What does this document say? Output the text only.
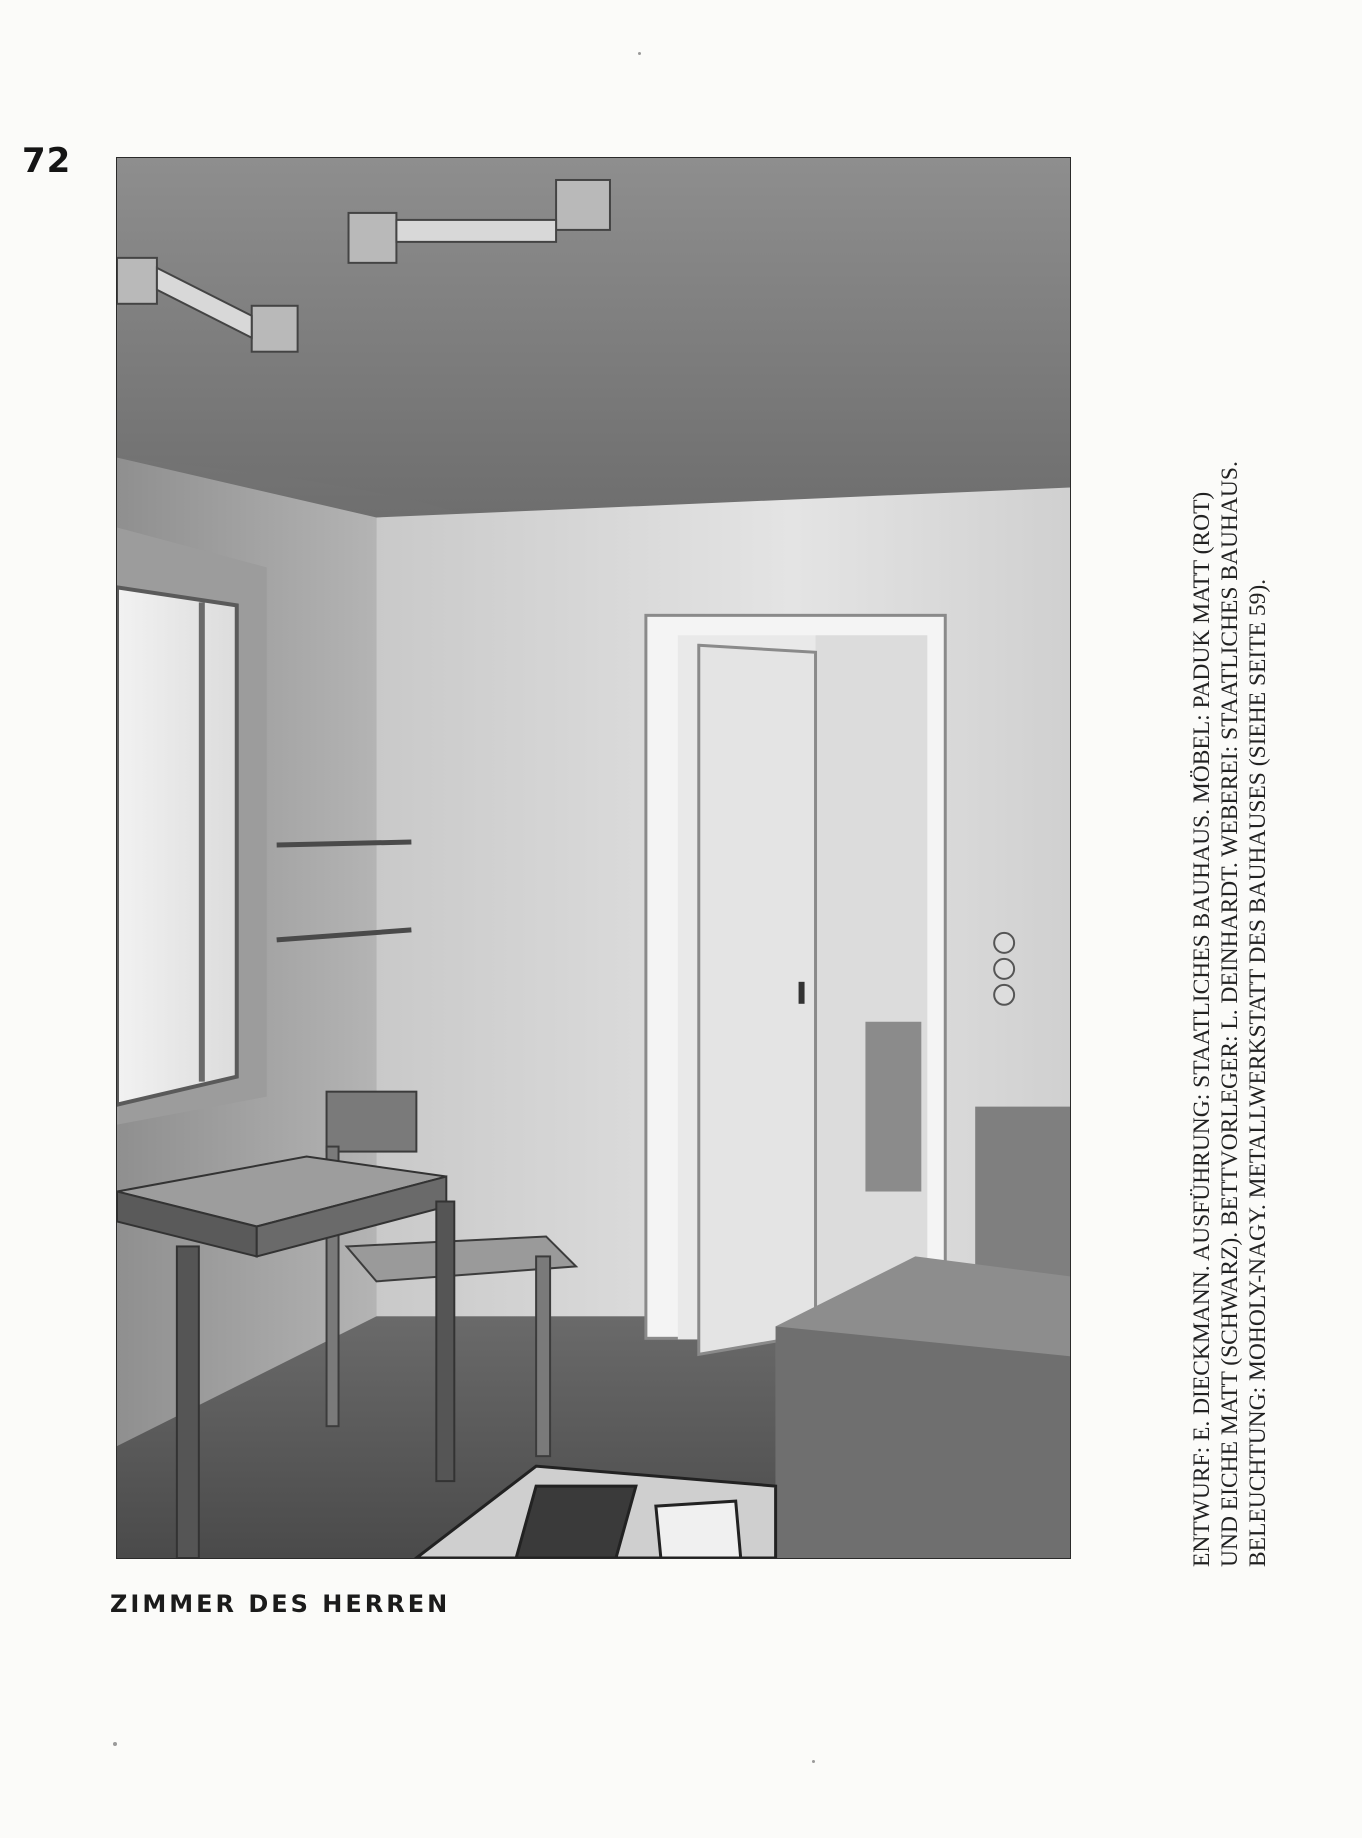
72
ZIMMER DES HERREN
ENTWURF: E. DIECKMANN. AUSFÜHRUNG: STAATLICHES BAUHAUS. MÖBEL: PADUK MATT (ROT) UND EICHE MATT (SCHWARZ). BETTVORLEGER: L. DEINHARDT. WEBEREI: STAATLICHES BAUHAUS. BELEUCHTUNG: MOHOLY-NAGY. METALLWERKSTATT DES BAUHAUSES (SIEHE SEITE 59).
